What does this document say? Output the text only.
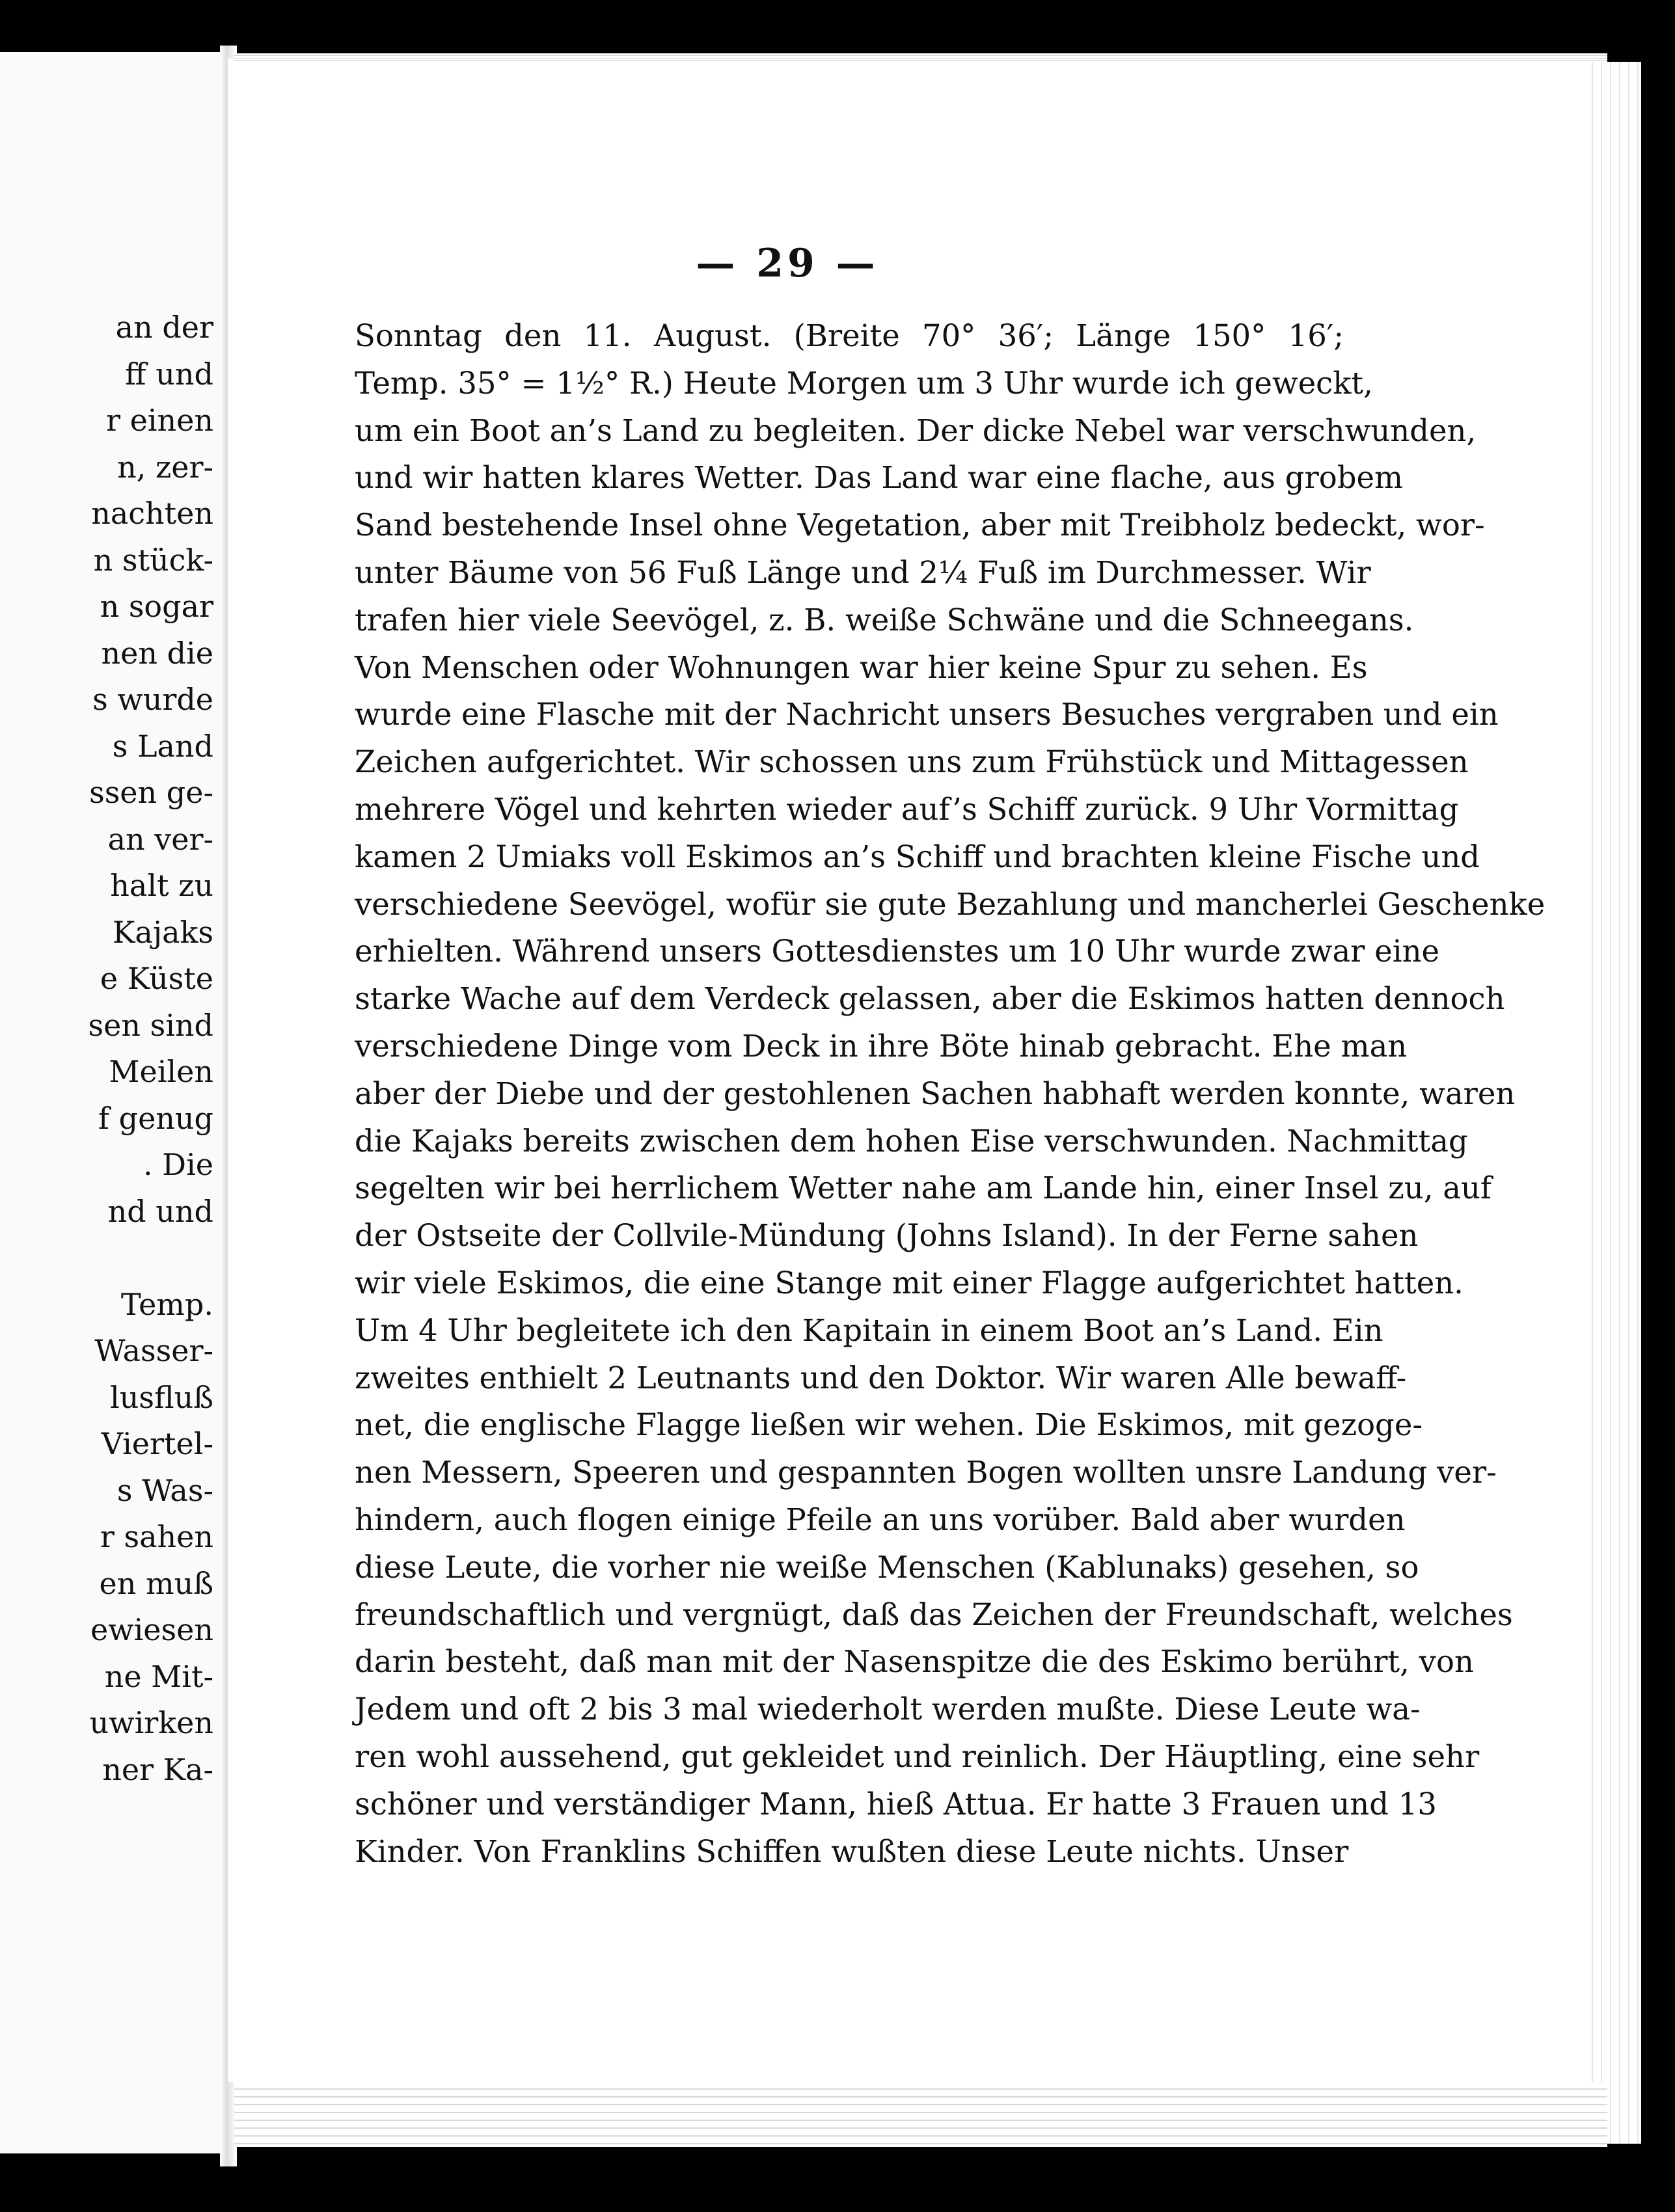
an der
ff und
r einen
n, zer-
nachten
n stück-
n sogar
nen die
s wurde
s Land
ssen ge-
an ver-
halt zu
Kajaks
e Küste
sen sind
Meilen
f genug
. Die
nd und
Temp.
Wasser-
lusfluß
Viertel-
s Was-
r sahen
en muß
ewiesen
ne Mit-
uwirken
ner Ka-
— 29 —
Sonntag den 11. August. (Breite 70° 36′; Länge 150° 16′;
Temp. 35° = 1½° R.) Heute Morgen um 3 Uhr wurde ich geweckt,
um ein Boot an’s Land zu begleiten. Der dicke Nebel war verschwunden,
und wir hatten klares Wetter. Das Land war eine flache, aus grobem
Sand bestehende Insel ohne Vegetation, aber mit Treibholz bedeckt, wor-
unter Bäume von 56 Fuß Länge und 2¼ Fuß im Durchmesser. Wir
trafen hier viele Seevögel, z. B. weiße Schwäne und die Schneegans.
Von Menschen oder Wohnungen war hier keine Spur zu sehen. Es
wurde eine Flasche mit der Nachricht unsers Besuches vergraben und ein
Zeichen aufgerichtet. Wir schossen uns zum Frühstück und Mittagessen
mehrere Vögel und kehrten wieder auf’s Schiff zurück. 9 Uhr Vormittag
kamen 2 Umiaks voll Eskimos an’s Schiff und brachten kleine Fische und
verschiedene Seevögel, wofür sie gute Bezahlung und mancherlei Geschenke
erhielten. Während unsers Gottesdienstes um 10 Uhr wurde zwar eine
starke Wache auf dem Verdeck gelassen, aber die Eskimos hatten dennoch
verschiedene Dinge vom Deck in ihre Böte hinab gebracht. Ehe man
aber der Diebe und der gestohlenen Sachen habhaft werden konnte, waren
die Kajaks bereits zwischen dem hohen Eise verschwunden. Nachmittag
segelten wir bei herrlichem Wetter nahe am Lande hin, einer Insel zu, auf
der Ostseite der Collvile-Mündung (Johns Island). In der Ferne sahen
wir viele Eskimos, die eine Stange mit einer Flagge aufgerichtet hatten.
Um 4 Uhr begleitete ich den Kapitain in einem Boot an’s Land. Ein
zweites enthielt 2 Leutnants und den Doktor. Wir waren Alle bewaff-
net, die englische Flagge ließen wir wehen. Die Eskimos, mit gezoge-
nen Messern, Speeren und gespannten Bogen wollten unsre Landung ver-
hindern, auch flogen einige Pfeile an uns vorüber. Bald aber wurden
diese Leute, die vorher nie weiße Menschen (Kablunaks) gesehen, so
freundschaftlich und vergnügt, daß das Zeichen der Freundschaft, welches
darin besteht, daß man mit der Nasenspitze die des Eskimo berührt, von
Jedem und oft 2 bis 3 mal wiederholt werden mußte. Diese Leute wa-
ren wohl aussehend, gut gekleidet und reinlich. Der Häuptling, eine sehr
schöner und verständiger Mann, hieß Attua. Er hatte 3 Frauen und 13
Kinder. Von Franklins Schiffen wußten diese Leute nichts. Unser
